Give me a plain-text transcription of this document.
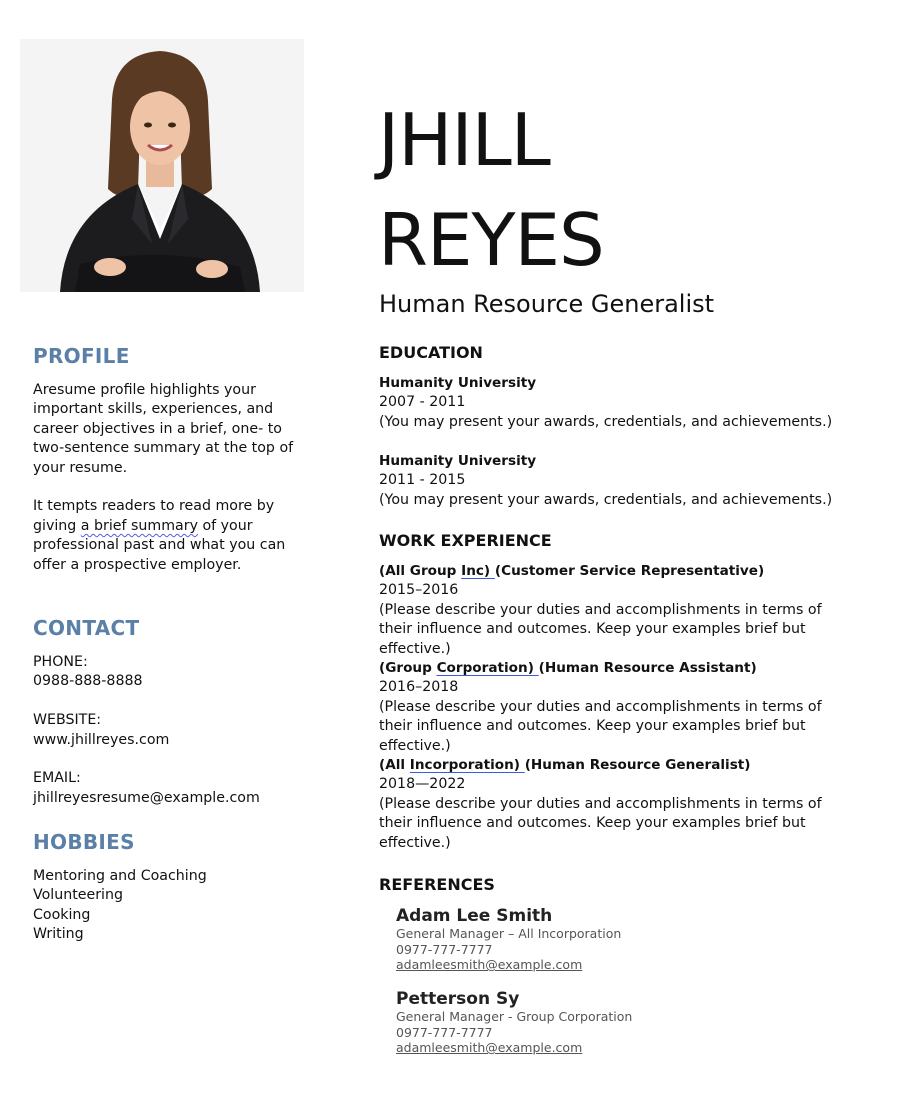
PROFILE

Aresume profile highlights your important skills, experiences, and career objectives in a brief, one- to two-sentence summary at the top of your resume.

It tempts readers to read more by giving a brief summary of your professional past and what you can offer a prospective employer.

CONTACT

PHONE:

0988-888-8888

WEBSITE:

www.jhillreyes.com

EMAIL:

jhillreyesresume@example.com

HOBBIES

Mentoring and Coaching

Volunteering

Cooking

Writing

JHILL
REYES
Human Resource Generalist
EDUCATION

Humanity University

2007 - 2011

(You may present your awards, credentials, and achievements.)

Humanity University

2011 - 2015

(You may present your awards, credentials, and achievements.)

WORK EXPERIENCE

(All Group Inc) (Customer Service Representative)

2015–2016

(Please describe your duties and accomplishments in terms of their influence and outcomes. Keep your examples brief but effective.)

(Group Corporation) (Human Resource Assistant)

2016–2018

(Please describe your duties and accomplishments in terms of their influence and outcomes. Keep your examples brief but effective.)

(All Incorporation) (Human Resource Generalist)

2018—2022

(Please describe your duties and accomplishments in terms of their influence and outcomes. Keep your examples brief but effective.)

REFERENCES
Adam Lee Smith
General Manager – All Incorporation
0977-777-7777
adamleesmith@example.com
Petterson Sy
General Manager - Group Corporation
0977-777-7777
adamleesmith@example.com
